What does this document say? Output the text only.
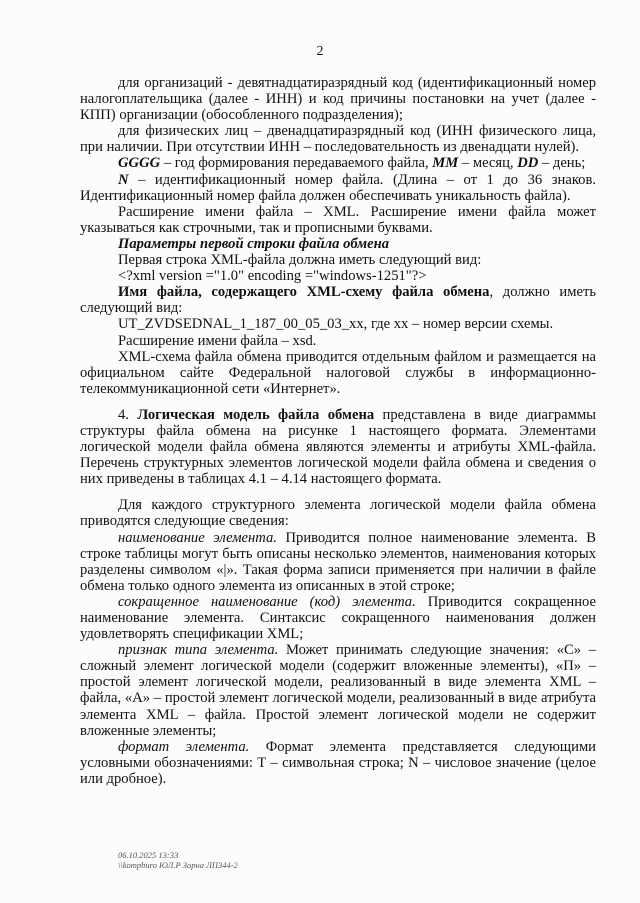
2

для организаций - девятнадцатиразрядный код (идентификационный номер налогоплательщика (далее - ИНН) и код причины постановки на учет (далее - КПП) организации (обособленного подразделения);

для физических лиц – двенадцатиразрядный код (ИНН физического лица, при наличии. При отсутствии ИНН – последовательность из двенадцати нулей).

GGGG – год формирования передаваемого файла, MM – месяц, DD – день;

N – идентификационный номер файла. (Длина – от 1 до 36 знаков. Идентификационный номер файла должен обеспечивать уникальность файла).

Расширение имени файла – XML. Расширение имени файла может указываться как строчными, так и прописными буквами.

Параметры первой строки файла обмена

Первая строка XML-файла должна иметь следующий вид:

<?xml version ="1.0" encoding ="windows-1251"?>

Имя файла, содержащего XML-схему файла обмена, должно иметь следующий вид:

UT_ZVDSEDNAL_1_187_00_05_03_xx, где xx – номер версии схемы.

Расширение имени файла – xsd.

XML-схема файла обмена приводится отдельным файлом и размещается на официальном сайте Федеральной налоговой службы в информационно-телекоммуникационной сети «Интернет».

4. Логическая модель файла обмена представлена в виде диаграммы структуры файла обмена на рисунке 1 настоящего формата. Элементами логической модели файла обмена являются элементы и атрибуты XML-файла. Перечень структурных элементов логической модели файла обмена и сведения о них приведены в таблицах 4.1 – 4.14 настоящего формата.

Для каждого структурного элемента логической модели файла обмена приводятся следующие сведения:

наименование элемента. Приводится полное наименование элемента. В строке таблицы могут быть описаны несколько элементов, наименования которых разделены символом «|». Такая форма записи применяется при наличии в файле обмена только одного элемента из описанных в этой строке;

сокращенное наименование (код) элемента. Приводится сокращенное наименование элемента. Синтаксис сокращенного наименования должен удовлетворять спецификации XML;

признак типа элемента. Может принимать следующие значения: «С» – сложный элемент логической модели (содержит вложенные элементы), «П» – простой элемент логической модели, реализованный в виде элемента XML – файла, «А» – простой элемент логической модели, реализованный в виде атрибута элемента XML – файла. Простой элемент логической модели не содержит вложенные элементы;

формат элемента. Формат элемента представляется следующими условными обозначениями: Т – символьная строка; N – числовое значение (целое или дробное).

06.10.2025 13:33
\\kompburo ЮЛ.Р Зорна ЛП344-2
